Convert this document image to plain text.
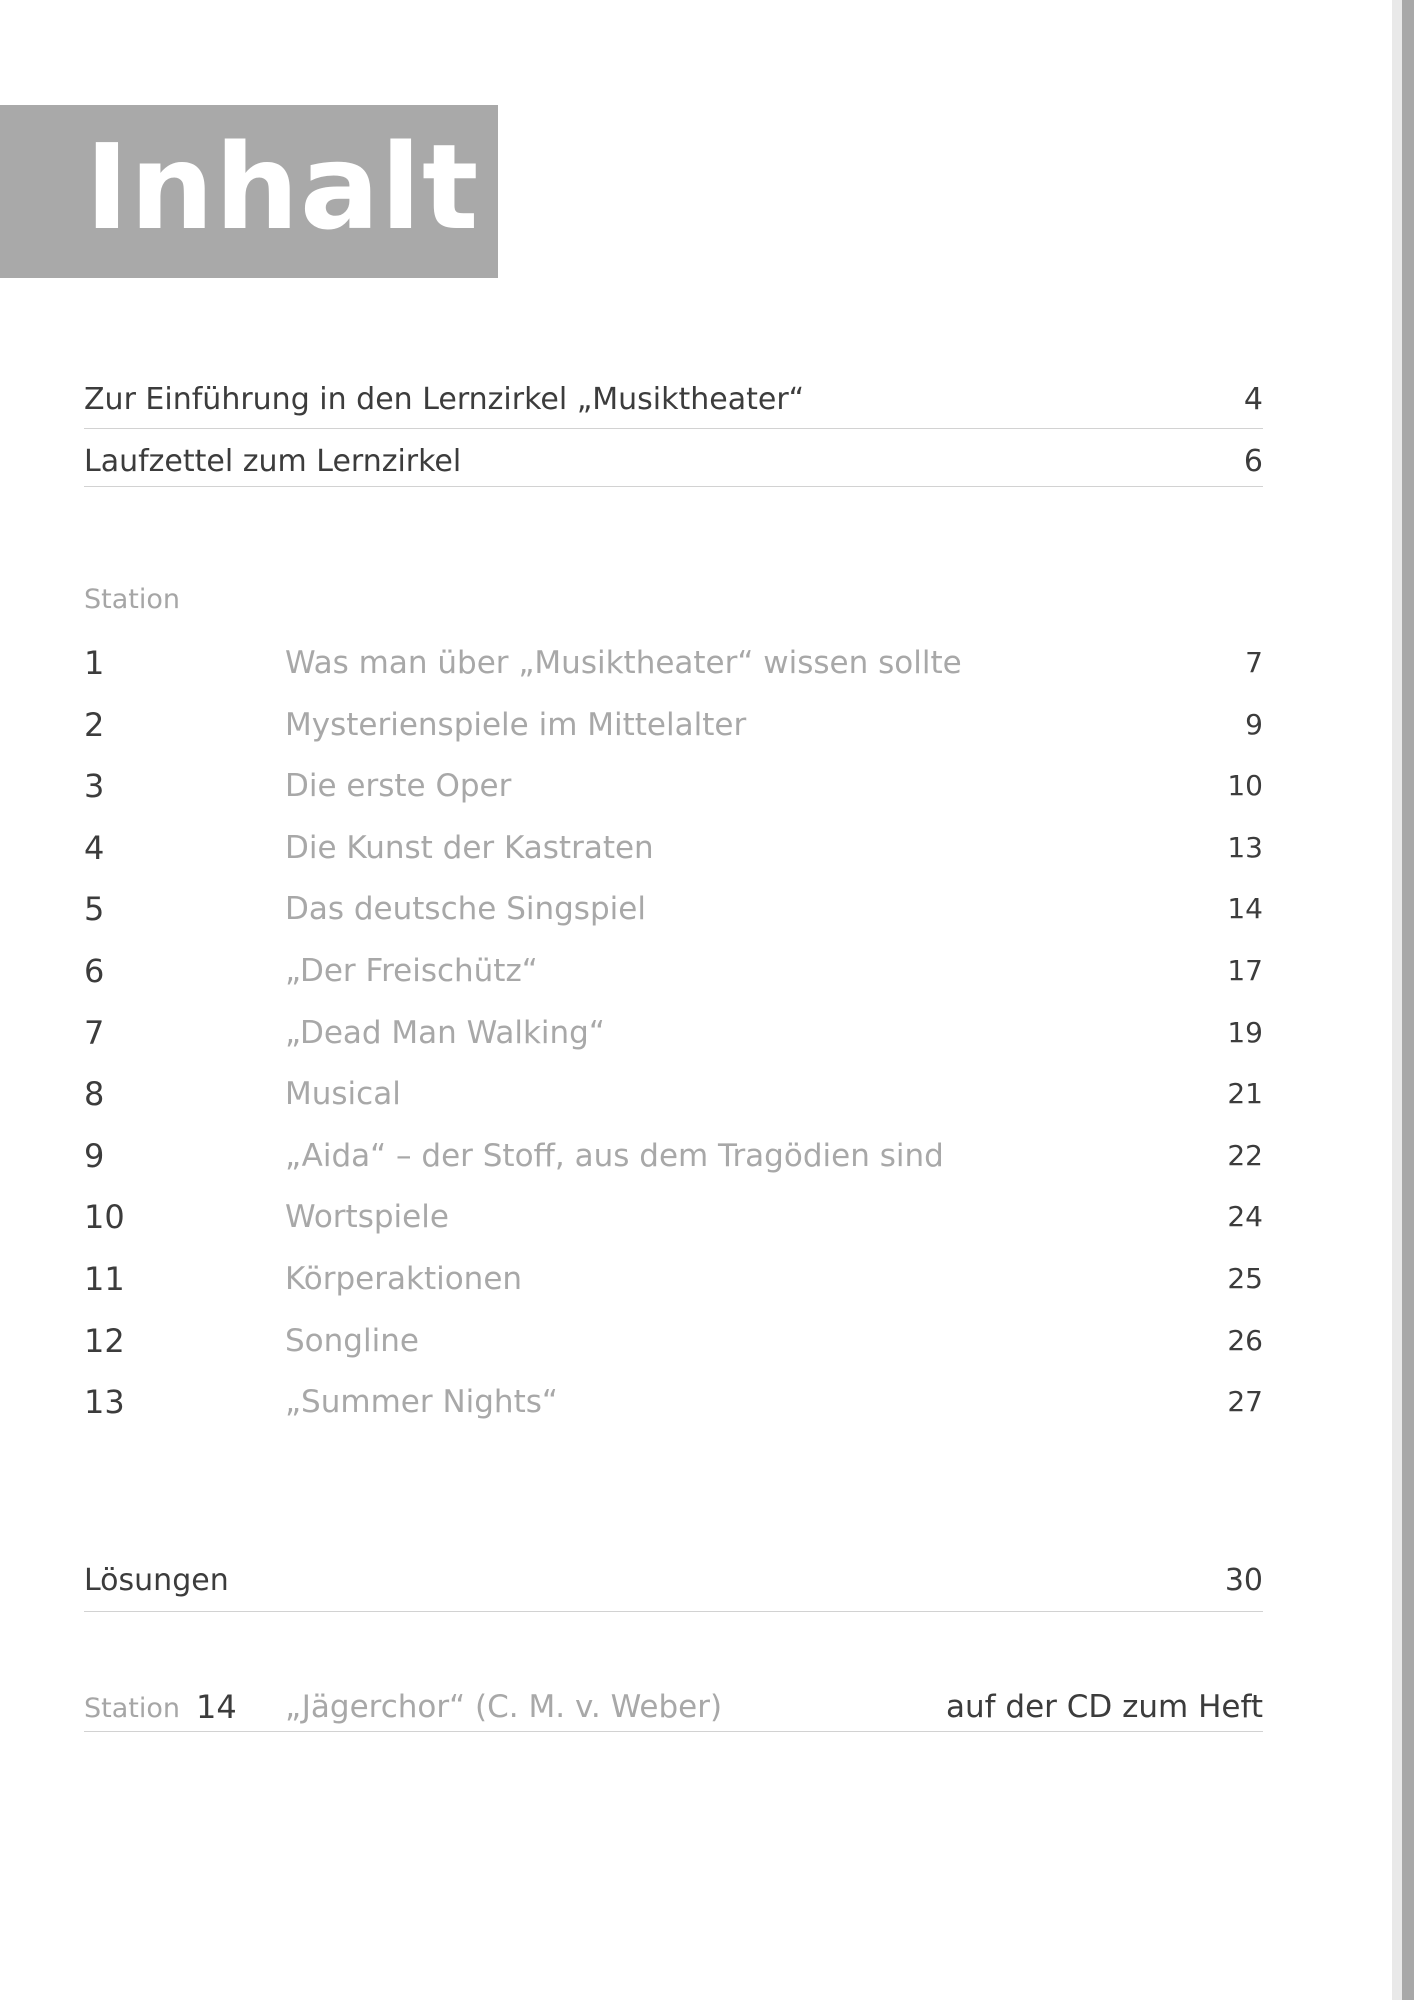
Inhalt
Zur Einführung in den Lernzirkel „Musiktheater“	4
Laufzettel zum Lernzirkel	6
Station
1	Was man über „Musiktheater“ wissen sollte	7
2	Mysterienspiele im Mittelalter	9
3	Die erste Oper	10
4	Die Kunst der Kastraten	13
5	Das deutsche Singspiel	14
6	„Der Freischütz“	17
7	„Dead Man Walking“	19
8	Musical	21
9	„Aida“ – der Stoff, aus dem Tragödien sind	22
10	Wortspiele	24
11	Körperaktionen	25
12	Songline	26
13	„Summer Nights“	27
Lösungen	30
Station 14 „Jägerchor“ (C. M. v. Weber)	auf der CD zum Heft
